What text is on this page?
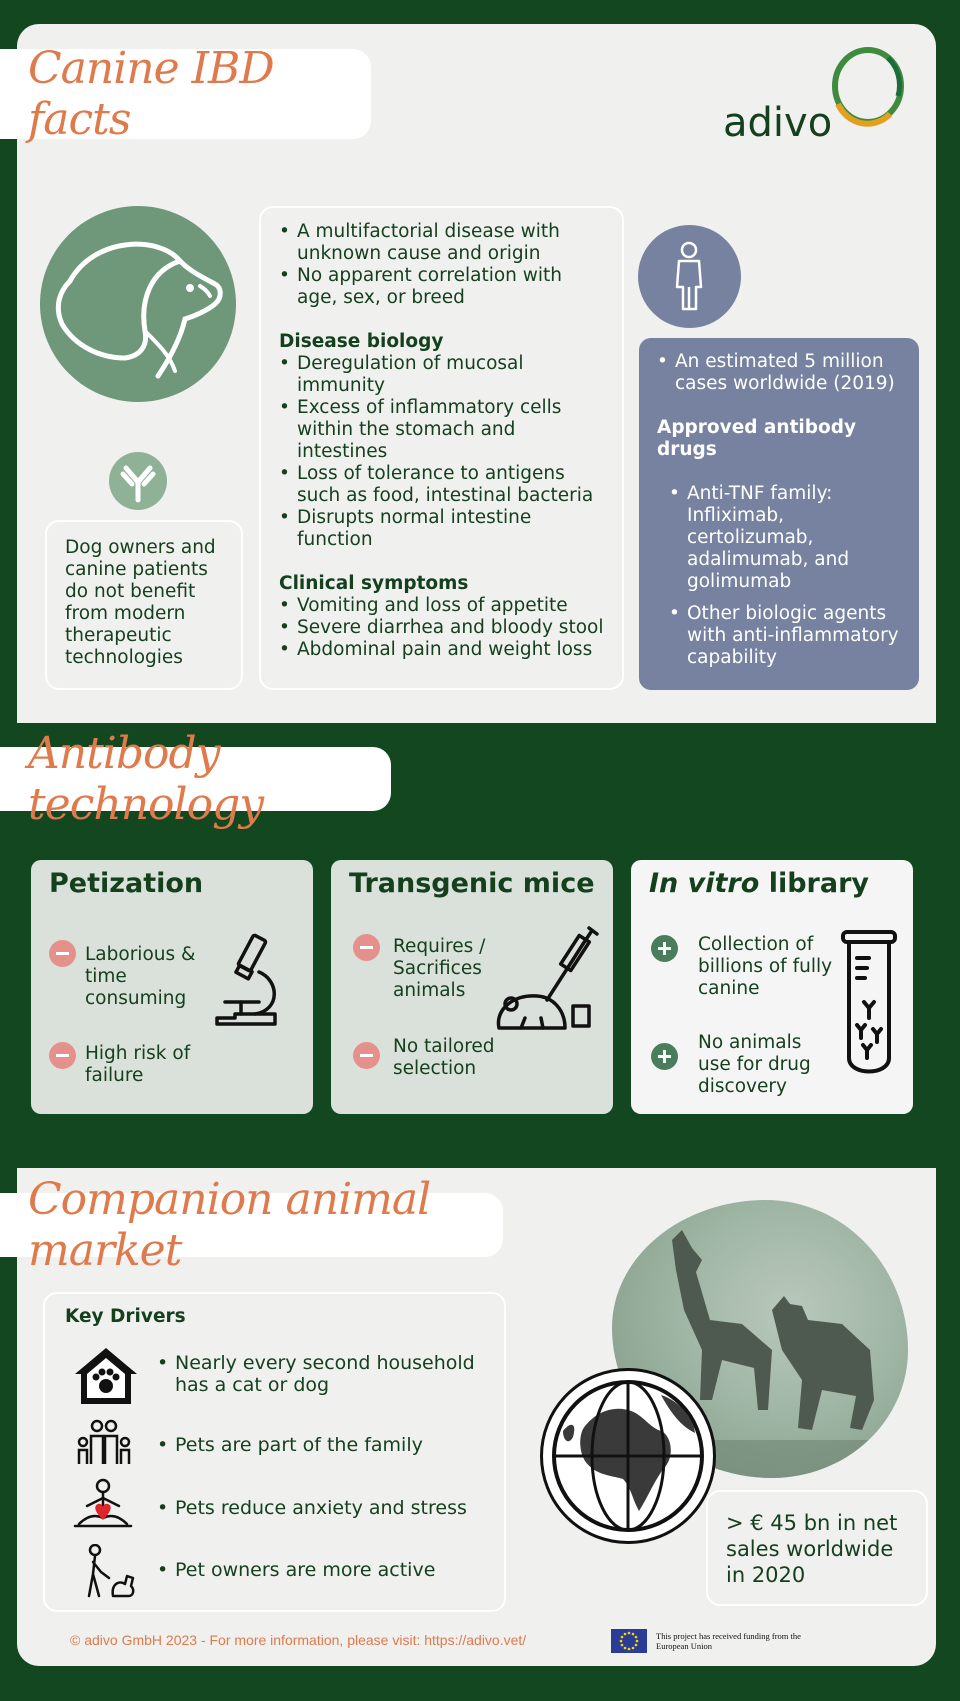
Canine IBD facts	adivo

Dog owners and canine patients do not benefit from modern therapeutic technologies

• A multifactorial disease with unknown cause and origin
• No apparent correlation with age, sex, or breed
Disease biology
• Deregulation of mucosal immunity
• Excess of inflammatory cells within the stomach and intestines
• Loss of tolerance to antigens such as food, intestinal bacteria
• Disrupts normal intestine function
Clinical symptoms
• Vomiting and loss of appetite
• Severe diarrhea and bloody stool
• Abdominal pain and weight loss
• An estimated 5 million cases worldwide (2019)
Approved antibody drugs
• Anti-TNF family: Infliximab, certolizumab, adalimumab, and golimumab
• Other biologic agents with anti-inflammatory capability
Antibody technology
Petization
Laborious & time consuming
High risk of failure
Transgenic mice
Requires / Sacrifices animals
No tailored selection
In vitro library
Collection of billions of fully canine
No animals use for drug discovery
Companion animal market
Key Drivers
• Nearly every second household has a cat or dog
• Pets are part of the family
• Pets reduce anxiety and stress
• Pet owners are more active

> € 45 bn in net sales worldwide in 2020

© adivo GmbH 2023 - For more information, please visit: https://adivo.vet/	This project has received funding from the European Union
